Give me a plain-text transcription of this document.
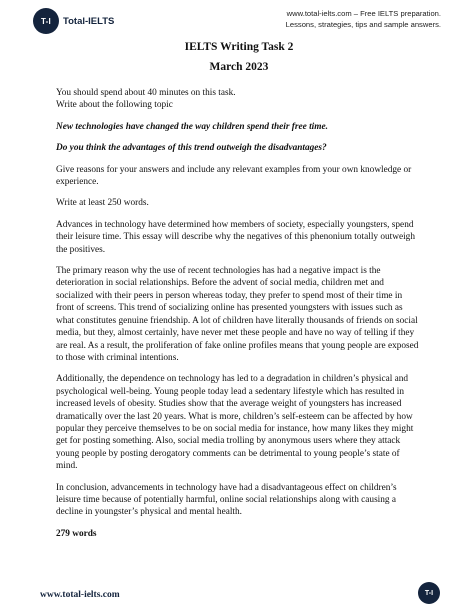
T-I	Total-IELTS
www.total-ielts.com – Free IELTS preparation.
Lessons, strategies, tips and sample answers.
IELTS Writing Task 2
March 2023

You should spend about 40 minutes on this task.

Write about the following topic

New technologies have changed the way children spend their free time.

Do you think the advantages of this trend outweigh the disadvantages?

Give reasons for your answers and include any relevant examples from your own knowledge or experience.

Write at least 250 words.

Advances in technology have determined how members of society, especially youngsters, spend their leisure time. This essay will describe why the negatives of this phenonium totally outweigh the positives.

The primary reason why the use of recent technologies has had a negative impact is the deterioration in social relationships. Before the advent of social media, children met and socialized with their peers in person whereas today, they prefer to spend most of their time in front of screens. This trend of socializing online has presented youngsters with issues such as what constitutes genuine friendship. A lot of children have literally thousands of friends on social media, but they, almost certainly, have never met these people and have no way of telling if they are real. As a result, the proliferation of fake online profiles means that young people are exposed to those with criminal intentions.

Additionally, the dependence on technology has led to a degradation in children’s physical and psychological well-being. Young people today lead a sedentary lifestyle which has resulted in increased levels of obesity. Studies show that the average weight of youngsters has increased dramatically over the last 20 years. What is more, children’s self-esteem can be affected by how popular they perceive themselves to be on social media for instance, how many likes they might get for posting something. Also, social media trolling by anonymous users where they attack young people by posting derogatory comments can be detrimental to young people’s state of mind.

In conclusion, advancements in technology have had a disadvantageous effect on children’s leisure time because of potentially harmful, online social relationships along with causing a decline in youngster’s physical and mental health.

279 words

www.total-ielts.com	T-I
